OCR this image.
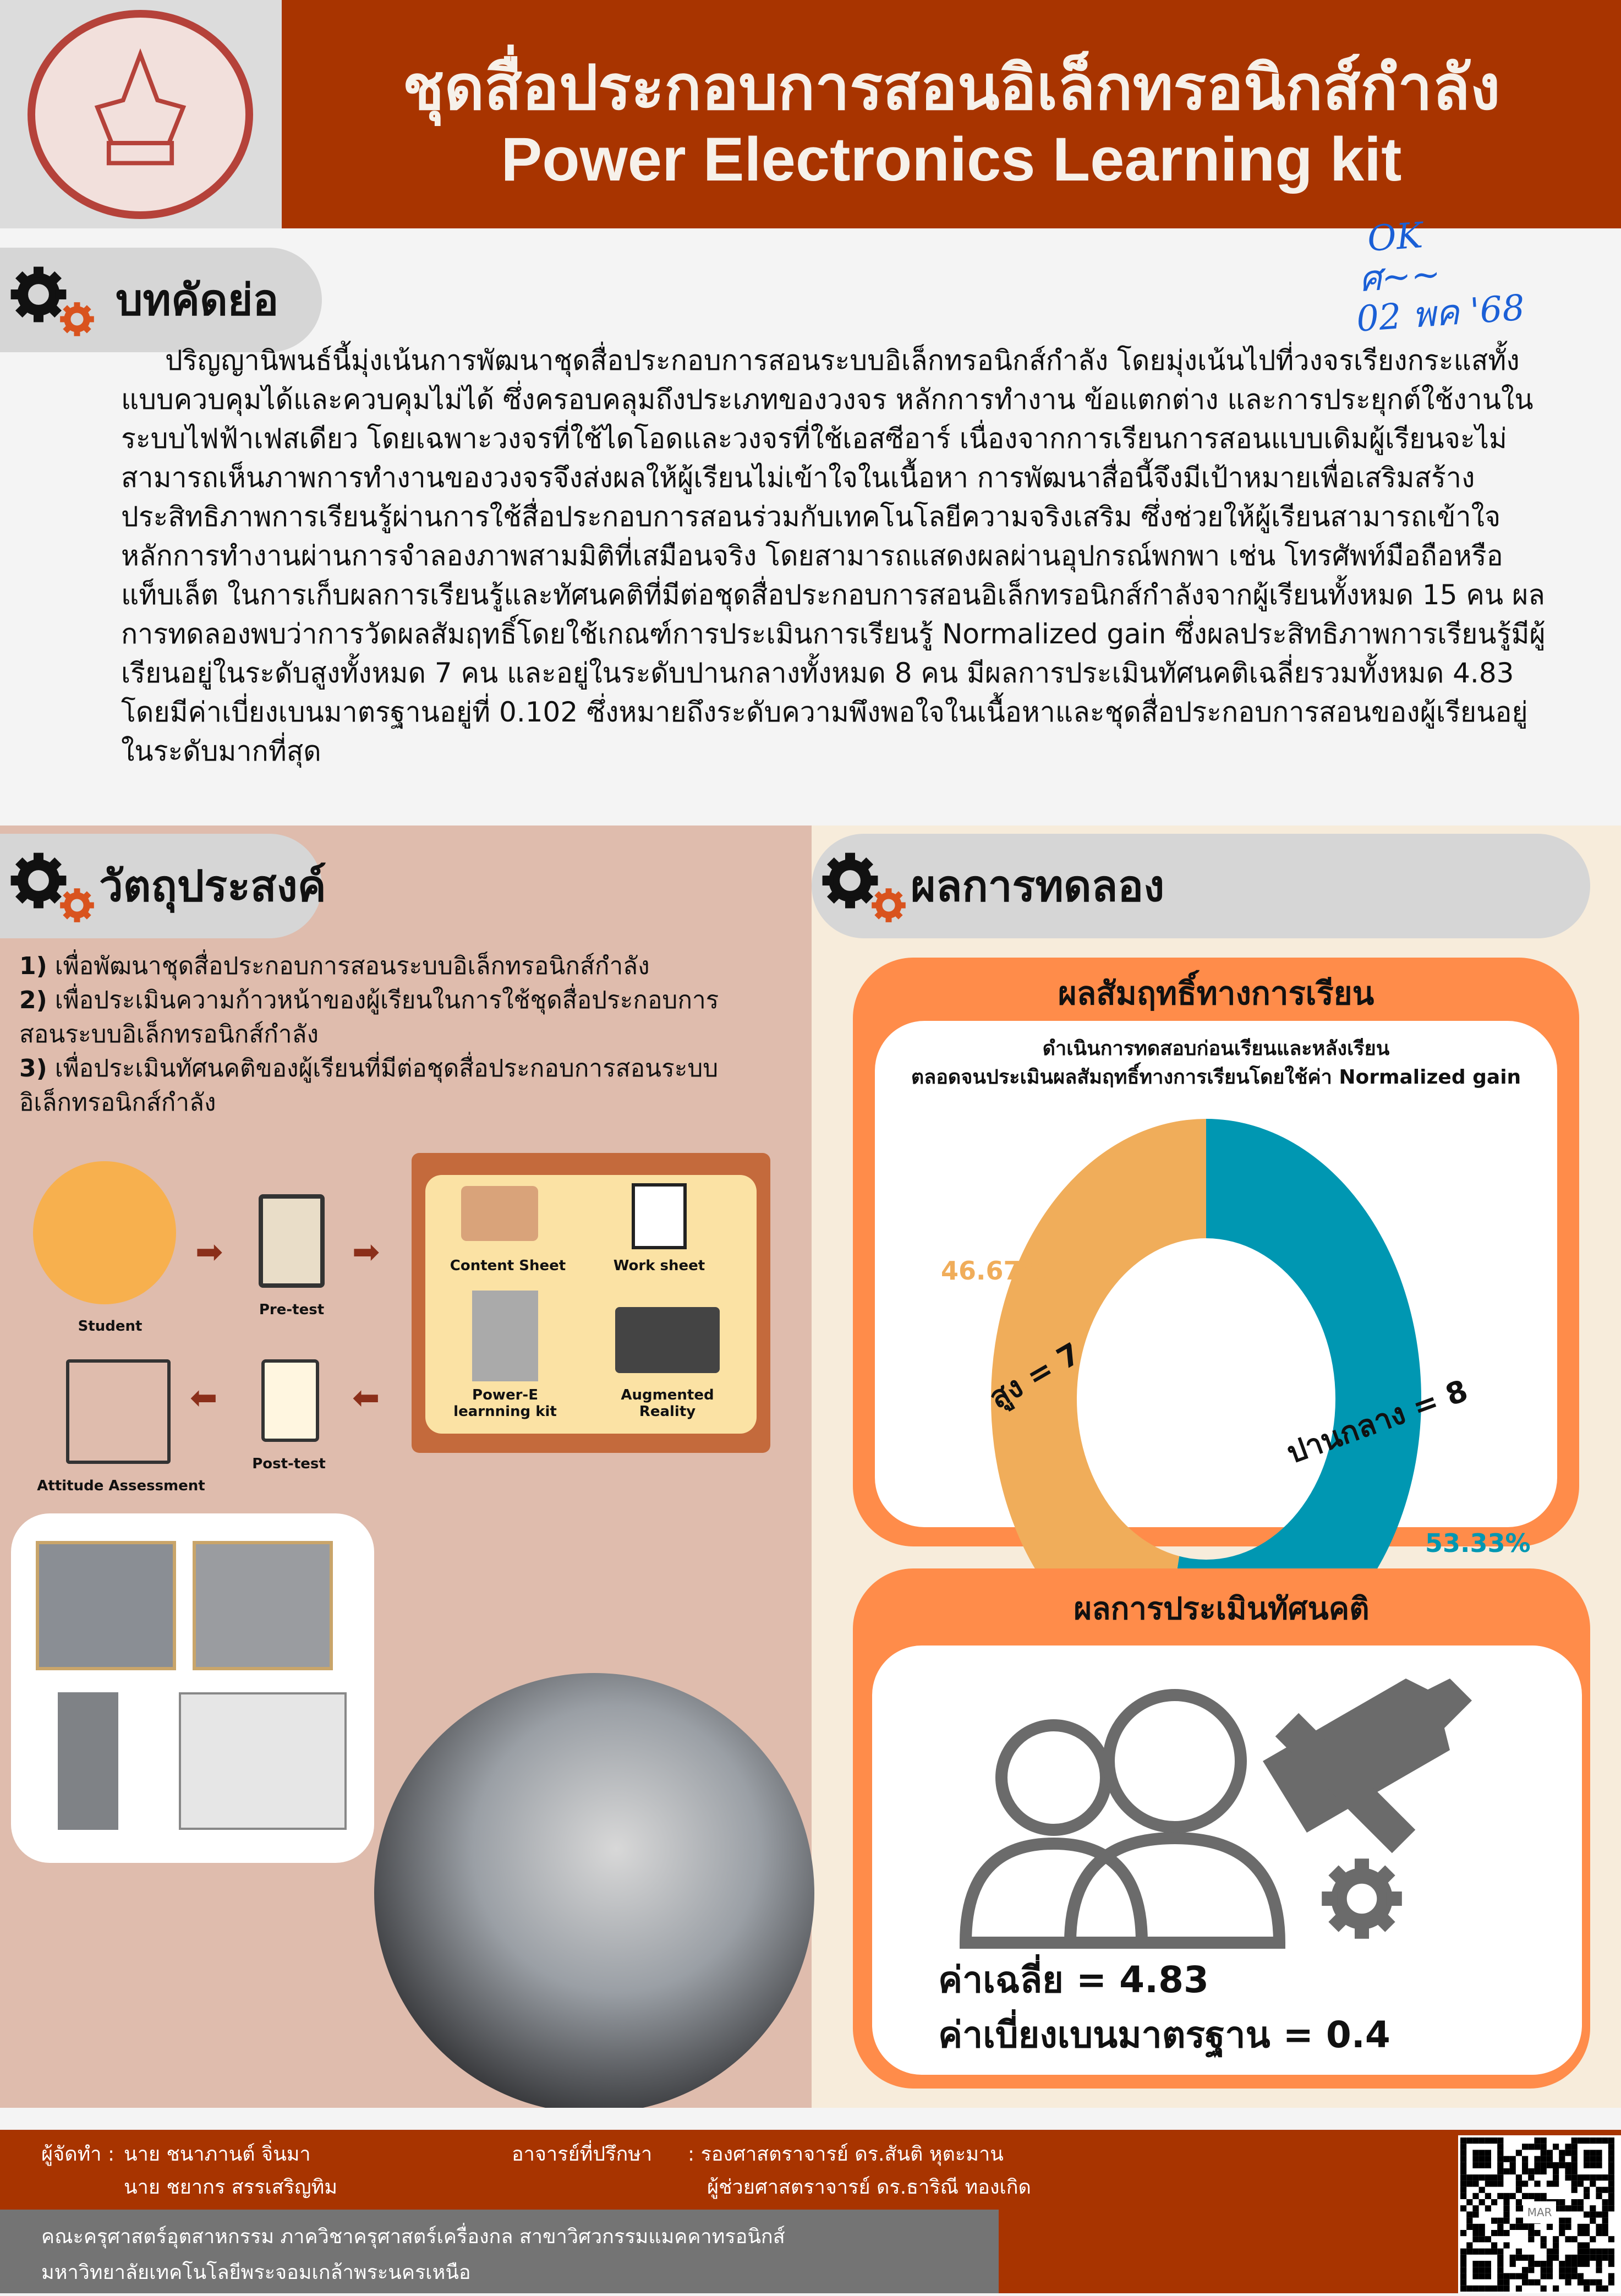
ชุดสื่อประกอบการสอนอิเล็กทรอนิกส์กำลัง
Power Electronics Learning kit
OK
ศ~~
02 พค '68
บทคัดย่อ
ปริญญานิพนธ์นี้มุ่งเน้นการพัฒนาชุดสื่อประกอบการสอนระบบอิเล็กทรอนิกส์กำลัง โดยมุ่งเน้นไปที่วงจรเรียงกระแสทั้งแบบควบคุมได้และควบคุมไม่ได้ ซึ่งครอบคลุมถึงประเภทของวงจร หลักการทำงาน ข้อแตกต่าง และการประยุกต์ใช้งานในระบบไฟฟ้าเฟสเดียว โดยเฉพาะวงจรที่ใช้ไดโอดและวงจรที่ใช้เอสซีอาร์ เนื่องจากการเรียนการสอนแบบเดิมผู้เรียนจะไม่สามารถเห็นภาพการทำงานของวงจรจึงส่งผลให้ผู้เรียนไม่เข้าใจในเนื้อหา การพัฒนาสื่อนี้จึงมีเป้าหมายเพื่อเสริมสร้างประสิทธิภาพการเรียนรู้ผ่านการใช้สื่อประกอบการสอนร่วมกับเทคโนโลยีความจริงเสริม ซึ่งช่วยให้ผู้เรียนสามารถเข้าใจหลักการทำงานผ่านการจำลองภาพสามมิติที่เสมือนจริง โดยสามารถแสดงผลผ่านอุปกรณ์พกพา เช่น โทรศัพท์มือถือหรือแท็บเล็ต ในการเก็บผลการเรียนรู้และทัศนคติที่มีต่อชุดสื่อประกอบการสอนอิเล็กทรอนิกส์กำลังจากผู้เรียนทั้งหมด 15 คน ผลการทดลองพบว่าการวัดผลสัมฤทธิ์โดยใช้เกณฑ์การประเมินการเรียนรู้ Normalized gain ซึ่งผลประสิทธิภาพการเรียนรู้มีผู้เรียนอยู่ในระดับสูงทั้งหมด 7 คน และอยู่ในระดับปานกลางทั้งหมด 8 คน มีผลการประเมินทัศนคติเฉลี่ยรวมทั้งหมด 4.83 โดยมีค่าเบี่ยงเบนมาตรฐานอยู่ที่ 0.102 ซึ่งหมายถึงระดับความพึงพอใจในเนื้อหาและชุดสื่อประกอบการสอนของผู้เรียนอยู่ในระดับมากที่สุด
วัตถุประสงค์
1) เพื่อพัฒนาชุดสื่อประกอบการสอนระบบอิเล็กทรอนิกส์กำลัง
2) เพื่อประเมินความก้าวหน้าของผู้เรียนในการใช้ชุดสื่อประกอบการสอนระบบอิเล็กทรอนิกส์กำลัง
3) เพื่อประเมินทัศนคติของผู้เรียนที่มีต่อชุดสื่อประกอบการสอนระบบอิเล็กทรอนิกส์กำลัง
Student
➡
Pre-test
➡	Content Sheet	Work sheet
Power-E learnning kit
Augmented Reality
⬅
Post-test
⬅
Attitude Assessment
ผลการทดลอง
ผลสัมฤทธิ์ทางการเรียน
ดำเนินการทดสอบก่อนเรียนและหลังเรียน
ตลอดจนประเมินผลสัมฤทธิ์ทางการเรียนโดยใช้ค่า Normalized gain
ปานกลาง = 8
53.33%
สูง = 7
46.67%
ผลการประเมินทัศนคติ
ค่าเฉลี่ย = 4.83
ค่าเบี่ยงเบนมาตรฐาน = 0.4
ผู้จัดทำ : นาย ชนาภานต์ จิ่นมา
นาย ชยากร สรรเสริญทิม
อาจารย์ที่ปรึกษา : รองศาสตราจารย์ ดร.สันติ หุตะมาน
ผู้ช่วยศาสตราจารย์ ดร.ธาริณี ทองเกิด
คณะครุศาสตร์อุตสาหกรรม ภาควิชาครุศาสตร์เครื่องกล สาขาวิศวกรรมแมคคาทรอนิกส์
มหาวิทยาลัยเทคโนโลยีพระจอมเกล้าพระนครเหนือ
MAR
